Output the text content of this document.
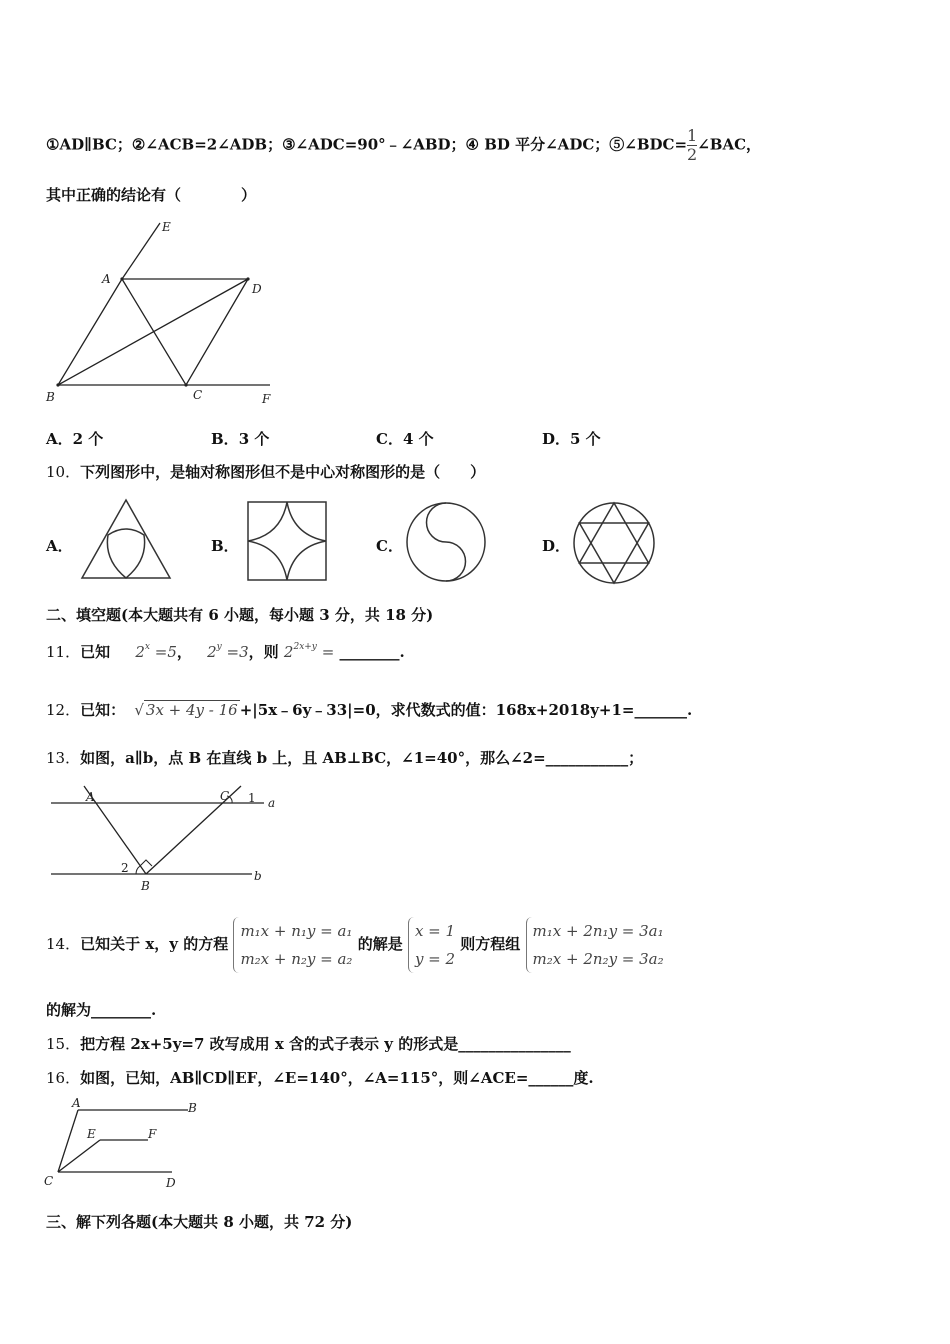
①AD∥BC；②∠ACB=2∠ADB；③∠ADC=90°﹣∠ABD；④ BD 平分∠ADC；⑤∠BDC= $\frac{1}{2}$ ∠BAC，
其中正确的结论有（　　　　）
E
A
D
B	C	F
A．2 个	B．3 个	C．4 个	D．5 个
10．下列图形中，是轴对称图形但不是中心对称图形的是（　　）
A．	B．	C．	D．
二、填空题(本大题共有 6 小题，每小题 3 分，共 18 分)
11．已知 $2^x =5$， $2^y =3$，则 $2^{2x+y}$ = ________.
12．已知： √ 3x + 4y - 16 +|5x﹣6y﹣33|=0，求代数式的值：168x+2018y+1=_______.
13．如图，a∥b，点 B 在直线 b 上，且 AB⊥BC，∠1=40°，那么∠2=___________；
A	C 1 a
2
B
b
14．已知关于 x，y 的方程 m₁x + n₁y = a₁
m₂x + n₂y = a₂ 的解是 x = 1
y = 2 则方程组 m₁x + 2n₁y = 3a₁
m₂x + 2n₂y = 3a₂
的解为________.
15．把方程 2x+5y=7 改写成用 x 含的式子表示 y 的形式是_______________
16．如图，已知，AB∥CD∥EF，∠E=140°，∠A=115°，则∠ACE=______度.
A	B
E	F
C	D
三、解下列各题(本大题共 8 小题，共 72 分)
